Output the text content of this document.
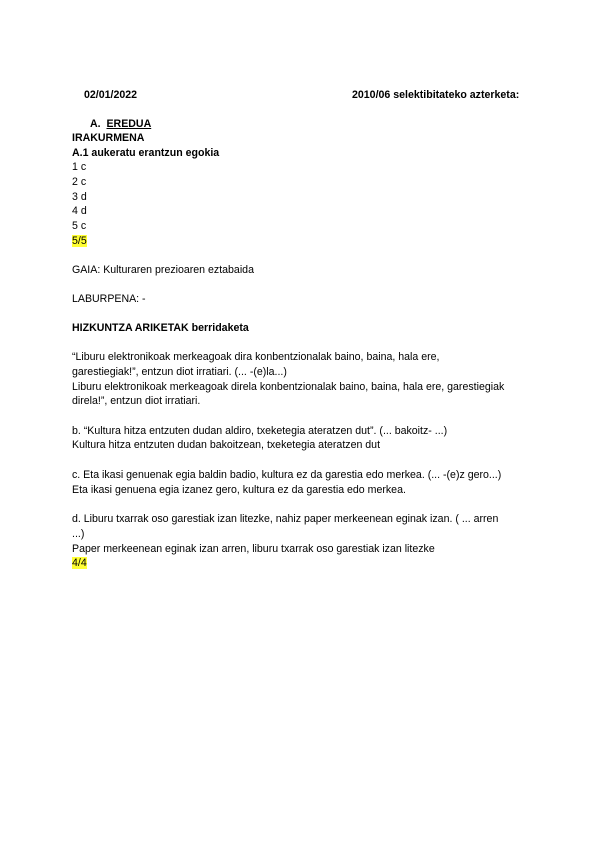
02/01/2022	2010/06 selektibitateko azterketa:
A. EREDUA
IRAKURMENA
A.1 aukeratu erantzun egokia
1 c
2 c
3 d
4 d
5 c
5/5
GAIA: Kulturaren prezioaren eztabaida
LABURPENA: -
HIZKUNTZA ARIKETAK berridaketa
“Liburu elektronikoak merkeagoak dira konbentzionalak baino, baina, hala ere,
garestiegiak!”, entzun diot irratiari. (... -(e)la...)
Liburu elektronikoak merkeagoak direla konbentzionalak baino, baina, hala ere, garestiegiak
direla!”, entzun diot irratiari.
b. “Kultura hitza entzuten dudan aldiro, txeketegia ateratzen dut”. (... bakoitz- ...)
Kultura hitza entzuten dudan bakoitzean, txeketegia ateratzen dut
c. Eta ikasi genuenak egia baldin badio, kultura ez da garestia edo merkea. (... -(e)z gero...)
Eta ikasi genuena egia izanez gero, kultura ez da garestia edo merkea.
d. Liburu txarrak oso garestiak izan litezke, nahiz paper merkeenean eginak izan. ( ... arren
...)
Paper merkeenean eginak izan arren, liburu txarrak oso garestiak izan litezke
4/4
